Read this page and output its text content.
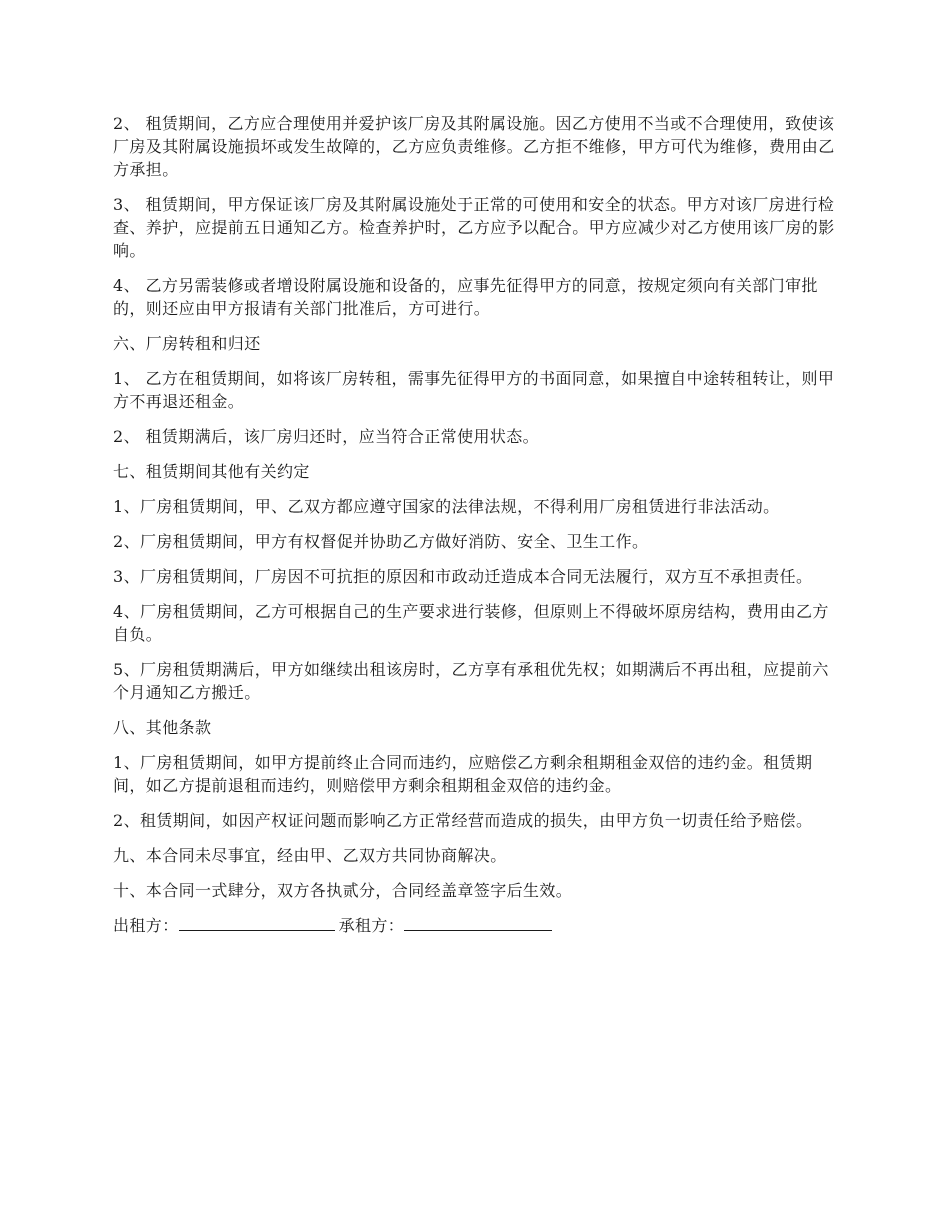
2、 租赁期间，乙方应合理使用并爱护该厂房及其附属设施。因乙方使用不当或不合理使用，致使该厂房及其附属设施损坏或发生故障的，乙方应负责维修。乙方拒不维修，甲方可代为维修，费用由乙方承担。

3、 租赁期间，甲方保证该厂房及其附属设施处于正常的可使用和安全的状态。甲方对该厂房进行检查、养护，应提前五日通知乙方。检查养护时，乙方应予以配合。甲方应减少对乙方使用该厂房的影响。

4、 乙方另需装修或者增设附属设施和设备的，应事先征得甲方的同意，按规定须向有关部门审批的，则还应由甲方报请有关部门批准后，方可进行。

六、厂房转租和归还

1、 乙方在租赁期间，如将该厂房转租，需事先征得甲方的书面同意，如果擅自中途转租转让，则甲方不再退还租金。

2、 租赁期满后，该厂房归还时，应当符合正常使用状态。

七、租赁期间其他有关约定

1、厂房租赁期间，甲、乙双方都应遵守国家的法律法规，不得利用厂房租赁进行非法活动。

2、厂房租赁期间，甲方有权督促并协助乙方做好消防、安全、卫生工作。

3、厂房租赁期间，厂房因不可抗拒的原因和市政动迁造成本合同无法履行，双方互不承担责任。

4、厂房租赁期间，乙方可根据自己的生产要求进行装修，但原则上不得破坏原房结构，费用由乙方自负。

5、厂房租赁期满后，甲方如继续出租该房时，乙方享有承租优先权；如期满后不再出租，应提前六个月通知乙方搬迁。

八、其他条款

1、厂房租赁期间，如甲方提前终止合同而违约，应赔偿乙方剩余租期租金双倍的违约金。租赁期间，如乙方提前退租而违约，则赔偿甲方剩余租期租金双倍的违约金。

2、租赁期间，如因产权证问题而影响乙方正常经营而造成的损失，由甲方负一切责任给予赔偿。

九、本合同未尽事宜，经由甲、乙双方共同协商解决。

十、本合同一式肆分，双方各执贰分，合同经盖章签字后生效。

出租方：	承租方：
